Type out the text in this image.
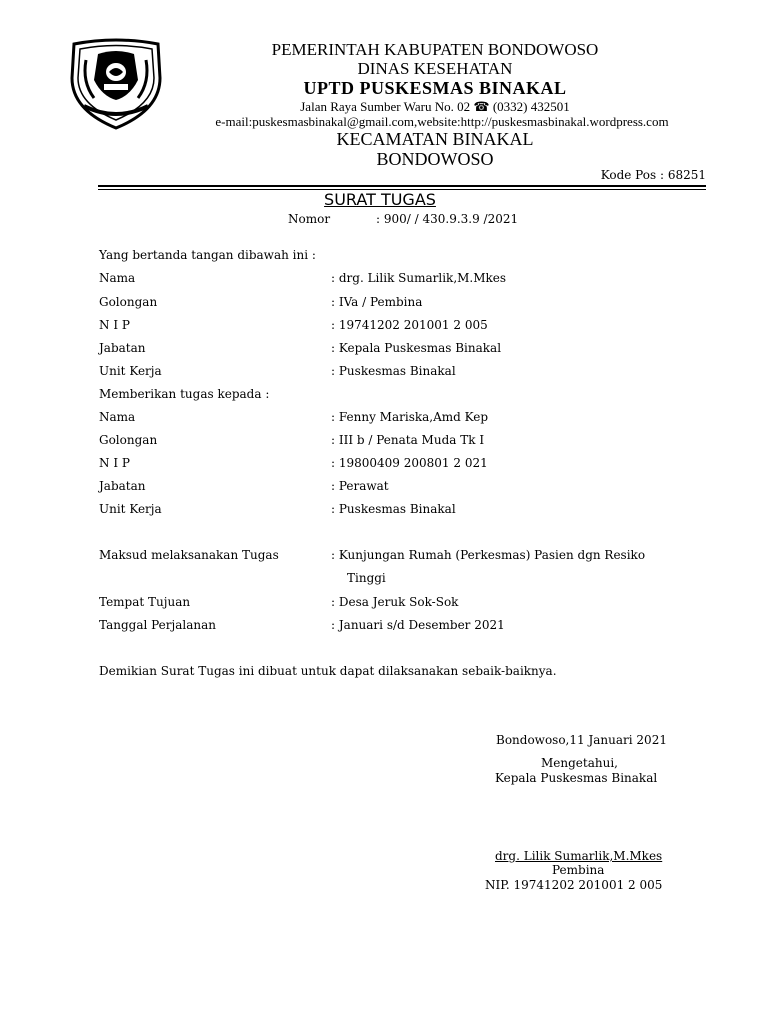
PEMERINTAH KABUPATEN BONDOWOSO
DINAS KESEHATAN
UPTD PUSKESMAS BINAKAL
Jalan Raya Sumber Waru No. 02 ☎ (0332) 432501
e-mail:puskesmasbinakal@gmail.com,website:http://puskesmasbinakal.wordpress.com
KECAMATAN BINAKAL
BONDOWOSO
Kode Pos : 68251
SURAT TUGAS
Nomor	: 900/ / 430.9.3.9 /2021
Yang bertanda tangan dibawah ini :
Nama	: drg. Lilik Sumarlik,M.Mkes
Golongan	: IVa / Pembina
N I P	: 19741202 201001 2 005
Jabatan	: Kepala Puskesmas Binakal
Unit Kerja	: Puskesmas Binakal
Memberikan tugas kepada :
Nama	: Fenny Mariska,Amd Kep
Golongan	: III b / Penata Muda Tk I
N I P	: 19800409 200801 2 021
Jabatan	: Perawat
Unit Kerja	: Puskesmas Binakal
Maksud melaksanakan Tugas	: Kunjungan Rumah (Perkesmas) Pasien dgn Resiko
Tinggi
Tempat Tujuan	: Desa Jeruk Sok-Sok
Tanggal Perjalanan	: Januari s/d Desember 2021
Demikian Surat Tugas ini dibuat untuk dapat dilaksanakan sebaik-baiknya.
Bondowoso,11 Januari 2021
Mengetahui,
Kepala Puskesmas Binakal
drg. Lilik Sumarlik,M.Mkes
Pembina
NIP. 19741202 201001 2 005
